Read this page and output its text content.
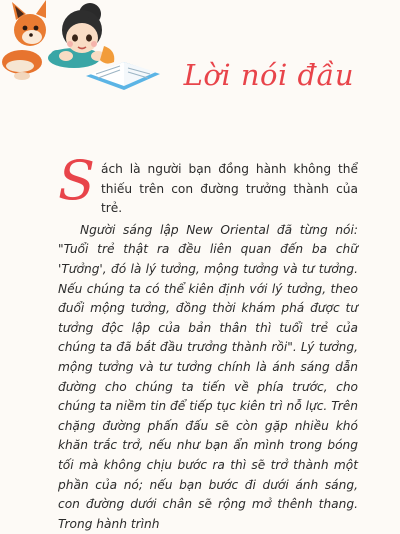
Lời nói đầu

Sách là người bạn đồng hành không thể thiếu trên con đường trưởng thành của trẻ.

Người sáng lập New Oriental đã từng nói: "Tuổi trẻ thật ra đều liên quan đến ba chữ 'Tưởng', đó là lý tưởng, mộng tưởng và tư tưởng. Nếu chúng ta có thể kiên định với lý tưởng, theo đuổi mộng tưởng, đồng thời khám phá được tư tưởng độc lập của bản thân thì tuổi trẻ của chúng ta đã bắt đầu trưởng thành rồi". Lý tưởng, mộng tưởng và tư tưởng chính là ánh sáng dẫn đường cho chúng ta tiến về phía trước, cho chúng ta niềm tin để tiếp tục kiên trì nỗ lực. Trên chặng đường phấn đấu sẽ còn gặp nhiều khó khăn trắc trở, nếu như bạn ẩn mình trong bóng tối mà không chịu bước ra thì sẽ trở thành một phần của nó; nếu bạn bước đi dưới ánh sáng, con đường dưới chân sẽ rộng mở thênh thang. Trong hành trình
